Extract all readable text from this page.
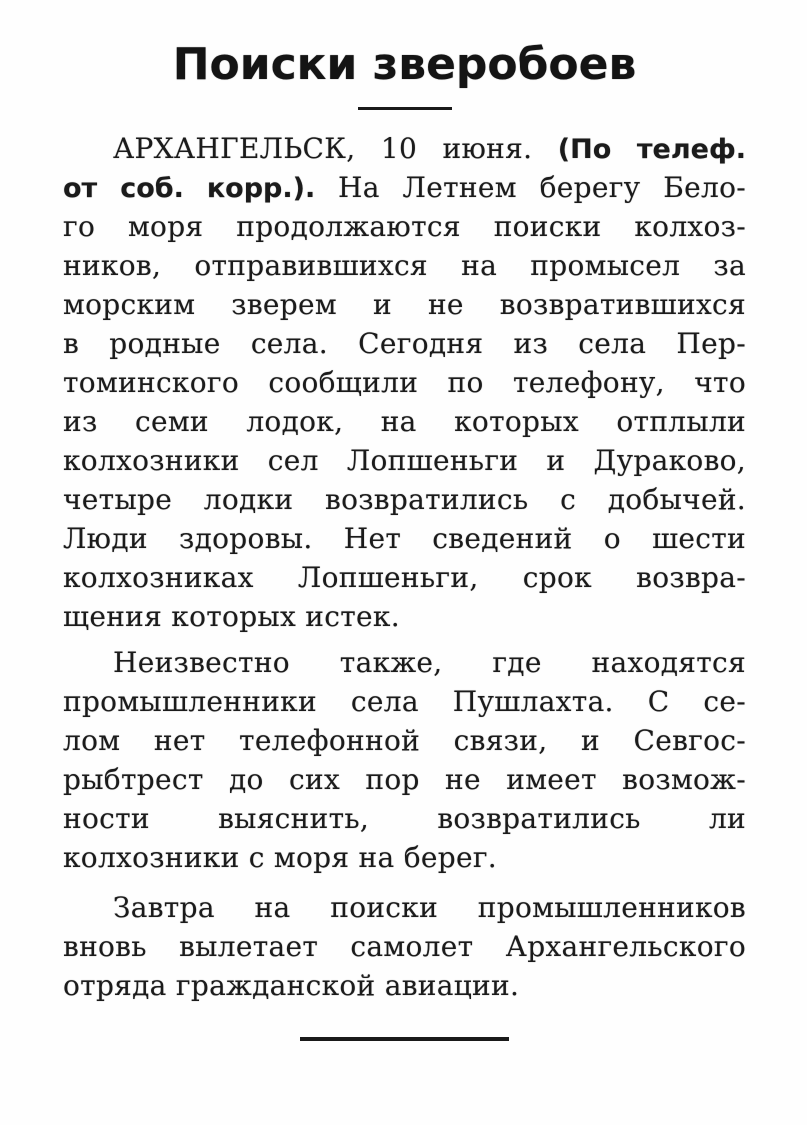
Поиски зверобоев
АРХАНГЕЛЬСК, 10 июня. (По телеф.
от соб. корр.). На Летнем берегу Бело-
го моря продолжаются поиски колхоз-
ников, отправившихся на промысел за
морским зверем и не возвратившихся
в родные села. Сегодня из села Пер-
томинского сообщили по телефону, что
из семи лодок, на которых отплыли
колхозники сел Лопшеньги и Дураково,
четыре лодки возвратились с добычей.
Люди здоровы. Нет сведений о шести
колхозниках Лопшеньги, срок возвра-
щения которых истек.
Неизвестно также, где находятся
промышленники села Пушлахта. С се-
лом нет телефонной связи, и Севгос-
рыбтрест до сих пор не имеет возмож-
ности выяснить, возвратились ли
колхозники с моря на берег.
Завтра на поиски промышленников
вновь вылетает самолет Архангельского
отряда гражданской авиации.
